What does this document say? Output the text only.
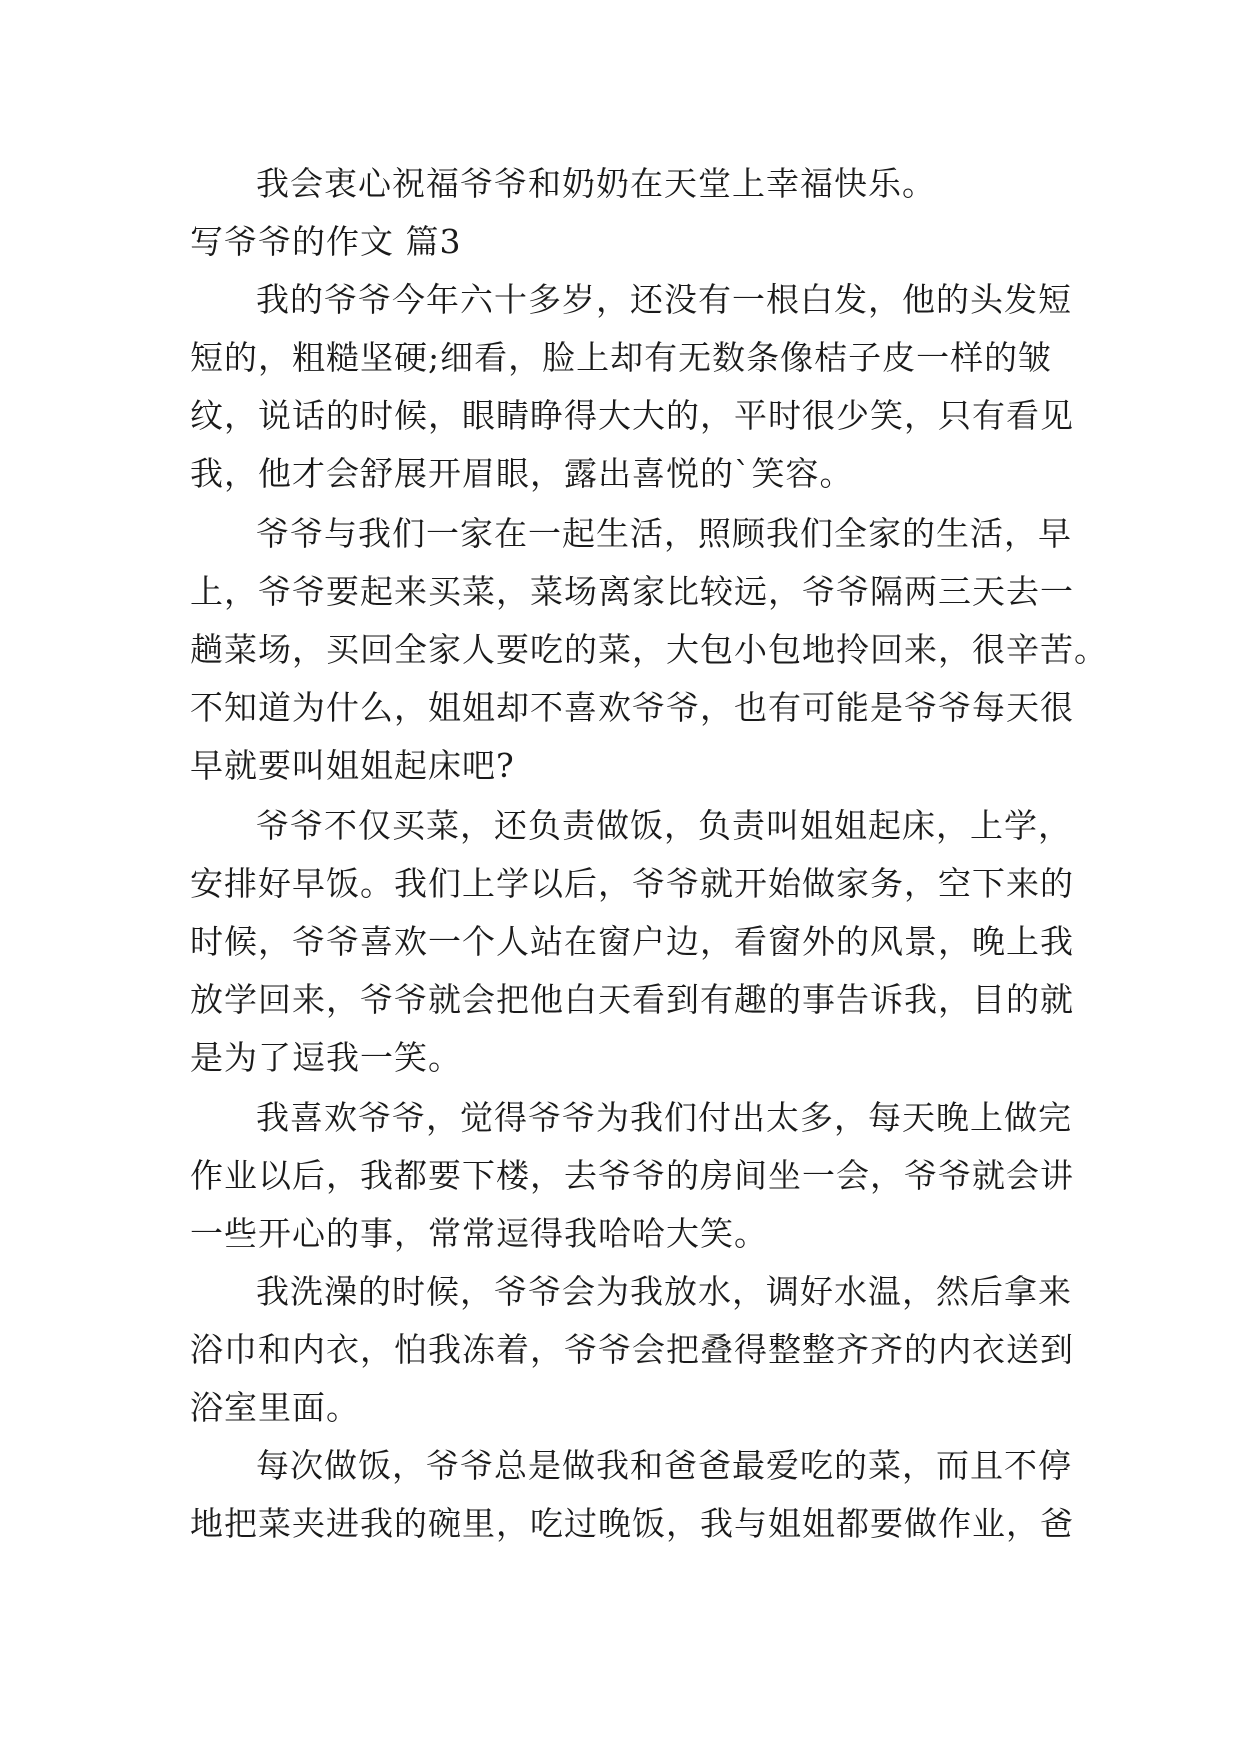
我会衷心祝福爷爷和奶奶在天堂上幸福快乐。
写爷爷的作文 篇3
我的爷爷今年六十多岁，还没有一根白发，他的头发短
短的，粗糙坚硬;细看，脸上却有无数条像桔子皮一样的皱
纹，说话的时候，眼睛睁得大大的，平时很少笑，只有看见
我，他才会舒展开眉眼，露出喜悦的`笑容。
爷爷与我们一家在一起生活，照顾我们全家的生活，早
上，爷爷要起来买菜，菜场离家比较远，爷爷隔两三天去一
趟菜场，买回全家人要吃的菜，大包小包地拎回来，很辛苦。
不知道为什么，姐姐却不喜欢爷爷，也有可能是爷爷每天很
早就要叫姐姐起床吧?
爷爷不仅买菜，还负责做饭，负责叫姐姐起床，上学，
安排好早饭。我们上学以后，爷爷就开始做家务，空下来的
时候，爷爷喜欢一个人站在窗户边，看窗外的风景，晚上我
放学回来，爷爷就会把他白天看到有趣的事告诉我，目的就
是为了逗我一笑。
我喜欢爷爷，觉得爷爷为我们付出太多，每天晚上做完
作业以后，我都要下楼，去爷爷的房间坐一会，爷爷就会讲
一些开心的事，常常逗得我哈哈大笑。
我洗澡的时候，爷爷会为我放水，调好水温，然后拿来
浴巾和内衣，怕我冻着，爷爷会把叠得整整齐齐的内衣送到
浴室里面。
每次做饭，爷爷总是做我和爸爸最爱吃的菜，而且不停
地把菜夹进我的碗里，吃过晚饭，我与姐姐都要做作业，爸
